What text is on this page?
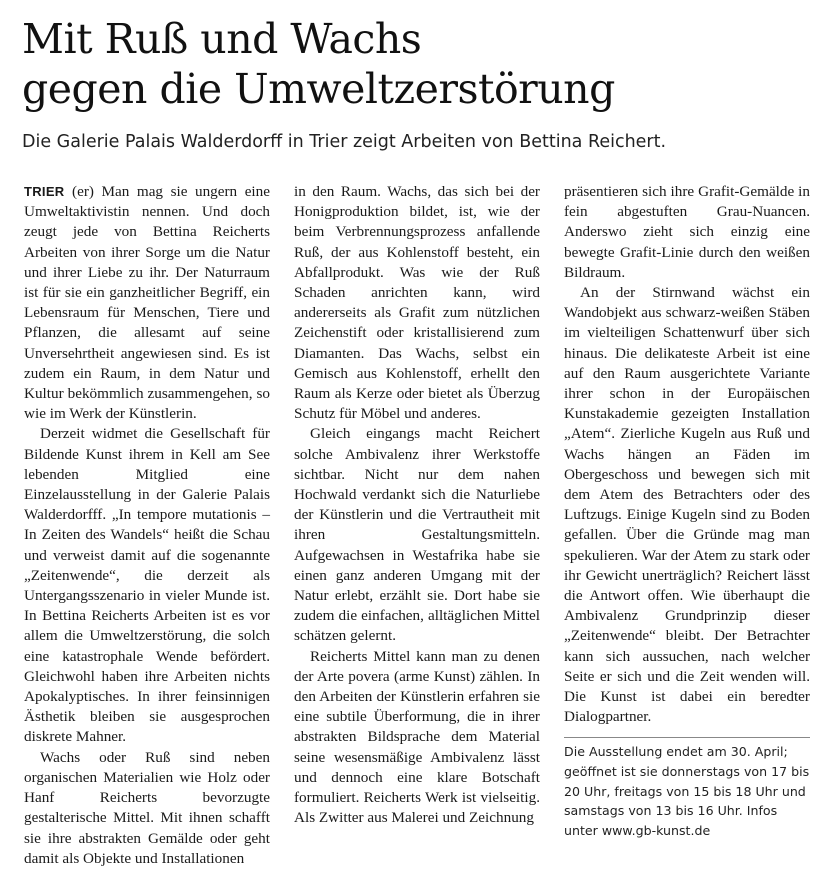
Mit Ruß und Wachs
gegen die Umweltzerstörung
Die Galerie Palais Walderdorff in Trier zeigt Arbeiten von Bettina Reichert.

TRIER (er) Man mag sie ungern eine Umweltaktivistin nennen. Und doch zeugt jede von Bettina Reicherts Arbeiten von ihrer Sorge um die Natur und ihrer Liebe zu ihr. Der Naturraum ist für sie ein ganzheitlicher Begriff, ein Lebensraum für Menschen, Tiere und Pflanzen, die allesamt auf seine Unversehrtheit angewiesen sind. Es ist zudem ein Raum, in dem Natur und Kultur bekömmlich zusammengehen, so wie im Werk der Künstlerin.

Derzeit widmet die Gesellschaft für Bildende Kunst ihrem in Kell am See lebenden Mitglied eine Einzelausstellung in der Galerie Palais Walderdorfff. „In tempore mutationis – In Zeiten des Wandels“ heißt die Schau und verweist damit auf die sogenannte „Zeitenwende“, die derzeit als Untergangsszenario in vieler Munde ist. In Bettina Reicherts Arbeiten ist es vor allem die Umweltzerstörung, die solch eine katastrophale Wende befördert. Gleichwohl haben ihre Arbeiten nichts Apokalyptisches. In ihrer feinsinnigen Ästhetik bleiben sie ausgesprochen diskrete Mahner.

Wachs oder Ruß sind neben organischen Materialien wie Holz oder Hanf Reicherts bevorzugte gestalterische Mittel. Mit ihnen schafft sie ihre abstrakten Gemälde oder geht damit als Objekte und Installationen

in den Raum. Wachs, das sich bei der Honigproduktion bildet, ist, wie der beim Verbrennungsprozess anfallende Ruß, der aus Kohlenstoff besteht, ein Abfallprodukt. Was wie der Ruß Schaden anrichten kann, wird andererseits als Grafit zum nützlichen Zeichenstift oder kristallisierend zum Diamanten. Das Wachs, selbst ein Gemisch aus Kohlenstoff, erhellt den Raum als Kerze oder bietet als Überzug Schutz für Möbel und anderes.

Gleich eingangs macht Reichert solche Ambivalenz ihrer Werkstoffe sichtbar. Nicht nur dem nahen Hochwald verdankt sich die Naturliebe der Künstlerin und die Vertrautheit mit ihren Gestaltungsmitteln. Aufgewachsen in Westafrika habe sie einen ganz anderen Umgang mit der Natur erlebt, erzählt sie. Dort habe sie zudem die einfachen, alltäglichen Mittel schätzen gelernt.

Reicherts Mittel kann man zu denen der Arte povera (arme Kunst) zählen. In den Arbeiten der Künstlerin erfahren sie eine subtile Überformung, die in ihrer abstrakten Bildsprache dem Material seine wesensmäßige Ambivalenz lässt und dennoch eine klare Botschaft formuliert. Reicherts Werk ist vielseitig. Als Zwitter aus Malerei und Zeichnung

präsentieren sich ihre Grafit-Gemälde in fein abgestuften Grau-Nuancen. Anderswo zieht sich einzig eine bewegte Grafit-Linie durch den weißen Bildraum.

An der Stirnwand wächst ein Wandobjekt aus schwarz-weißen Stäben im vielteiligen Schattenwurf über sich hinaus. Die delikateste Arbeit ist eine auf den Raum ausgerichtete Variante ihrer schon in der Europäischen Kunstakademie gezeigten Installation „Atem“. Zierliche Kugeln aus Ruß und Wachs hängen an Fäden im Obergeschoss und bewegen sich mit dem Atem des Betrachters oder des Luftzugs. Einige Kugeln sind zu Boden gefallen. Über die Gründe mag man spekulieren. War der Atem zu stark oder ihr Gewicht unerträglich? Reichert lässt die Antwort offen. Wie überhaupt die Ambivalenz Grundprinzip dieser „Zeitenwende“ bleibt. Der Betrachter kann sich aussuchen, nach welcher Seite er sich und die Zeit wenden will. Die Kunst ist dabei ein beredter Dialogpartner.

Die Ausstellung endet am 30. April; geöffnet ist sie donnerstags von 17 bis 20 Uhr, freitags von 15 bis 18 Uhr und samstags von 13 bis 16 Uhr. Infos unter www.gb-kunst.de
